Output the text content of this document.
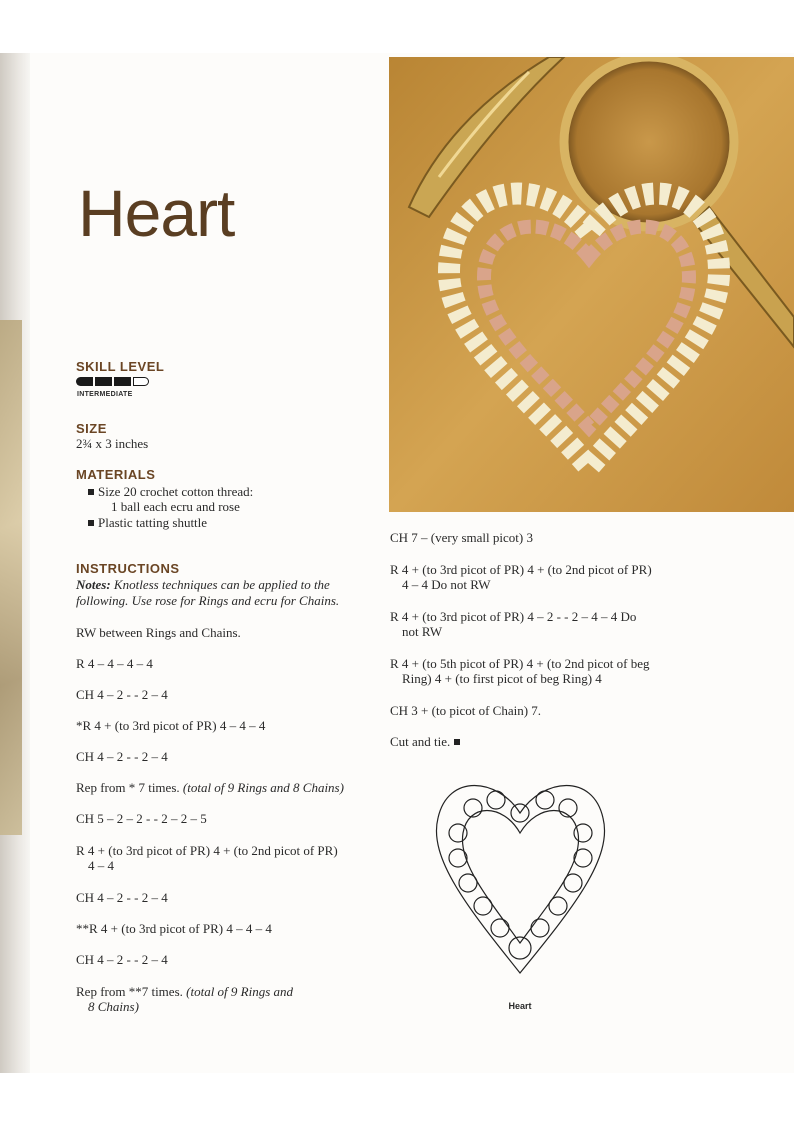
Heart
SKILL LEVEL

INTERMEDIATE

SIZE

2¾ x 3 inches

MATERIALS

Size 20 crochet cotton thread:

1 ball each ecru and rose

Plastic tatting shuttle

INSTRUCTIONS

Notes: Knotless techniques can be applied to the following. Use rose for Rings and ecru for Chains.

RW between Rings and Chains.

R 4 – 4 – 4 – 4

CH 4 – 2 - - 2 – 4

*R 4 + (to 3rd picot of PR) 4 – 4 – 4

CH 4 – 2 - - 2 – 4

Rep from * 7 times. (total of 9 Rings and 8 Chains)

CH 5 – 2 – 2 - - 2 – 2 – 5

R 4 + (to 3rd picot of PR) 4 + (to 2nd picot of PR)

4 – 4

CH 4 – 2 - - 2 – 4

**R 4 + (to 3rd picot of PR) 4 – 4 – 4

CH 4 – 2 - - 2 – 4

Rep from **7 times. (total of 9 Rings and

8 Chains)

CH 7 – (very small picot) 3

R 4 + (to 3rd picot of PR) 4 + (to 2nd picot of PR)

4 – 4 Do not RW

R 4 + (to 3rd picot of PR) 4 – 2 - - 2 – 4 – 4 Do

not RW

R 4 + (to 5th picot of PR) 4 + (to 2nd picot of beg

Ring) 4 + (to first picot of beg Ring) 4

CH 3 + (to picot of Chain) 7.

Cut and tie.

Heart
